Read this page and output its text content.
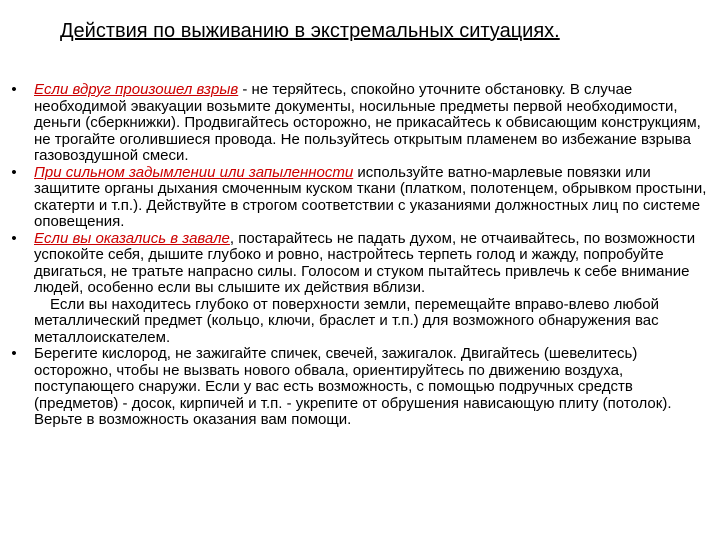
Действия по выживанию в экстремальных ситуациях.

• Если вдруг произошел взрыв - не теряйтесь, спокойно уточните обстановку. В случае необходимой эвакуации возьмите документы, носильные предметы первой необходимости, деньги (сберкнижки). Продвигайтесь осторожно, не прикасайтесь к обвисающим конструкциям, не трогайте оголившиеся провода. Не пользуйтесь открытым пламенем во избежание взрыва газовоздушной смеси.

• При сильном задымлении или запыленности используйте ватно-марлевые повязки или защитите органы дыхания смоченным куском ткани (платком, полотенцем, обрывком простыни, скатерти и т.п.). Действуйте в строгом соответствии с указаниями должностных лиц по системе оповещения.

• Если вы оказались в завале, постарайтесь не падать духом, не отчаивайтесь, по возможности успокойте себя, дышите глубоко и ровно, настройтесь терпеть голод и жажду, попробуйте двигаться, не тратьте напрасно силы. Голосом и стуком пытайтесь привлечь к себе внимание людей, особенно если вы слышите их действия вблизи.

Если вы находитесь глубоко от поверхности земли, перемещайте вправо-влево любой металлический предмет (кольцо, ключи, браслет и т.п.) для возможного обнаружения вас металлоискателем.

• Берегите кислород, не зажигайте спичек, свечей, зажигалок. Двигайтесь (шевелитесь) осторожно, чтобы не вызвать нового обвала, ориентируйтесь по движению воздуха, поступающего снаружи. Если у вас есть возможность, с помощью подручных средств (предметов) - досок, кирпичей и т.п. - укрепите от обрушения нависающую плиту (потолок). Верьте в возможность оказания вам помощи.
